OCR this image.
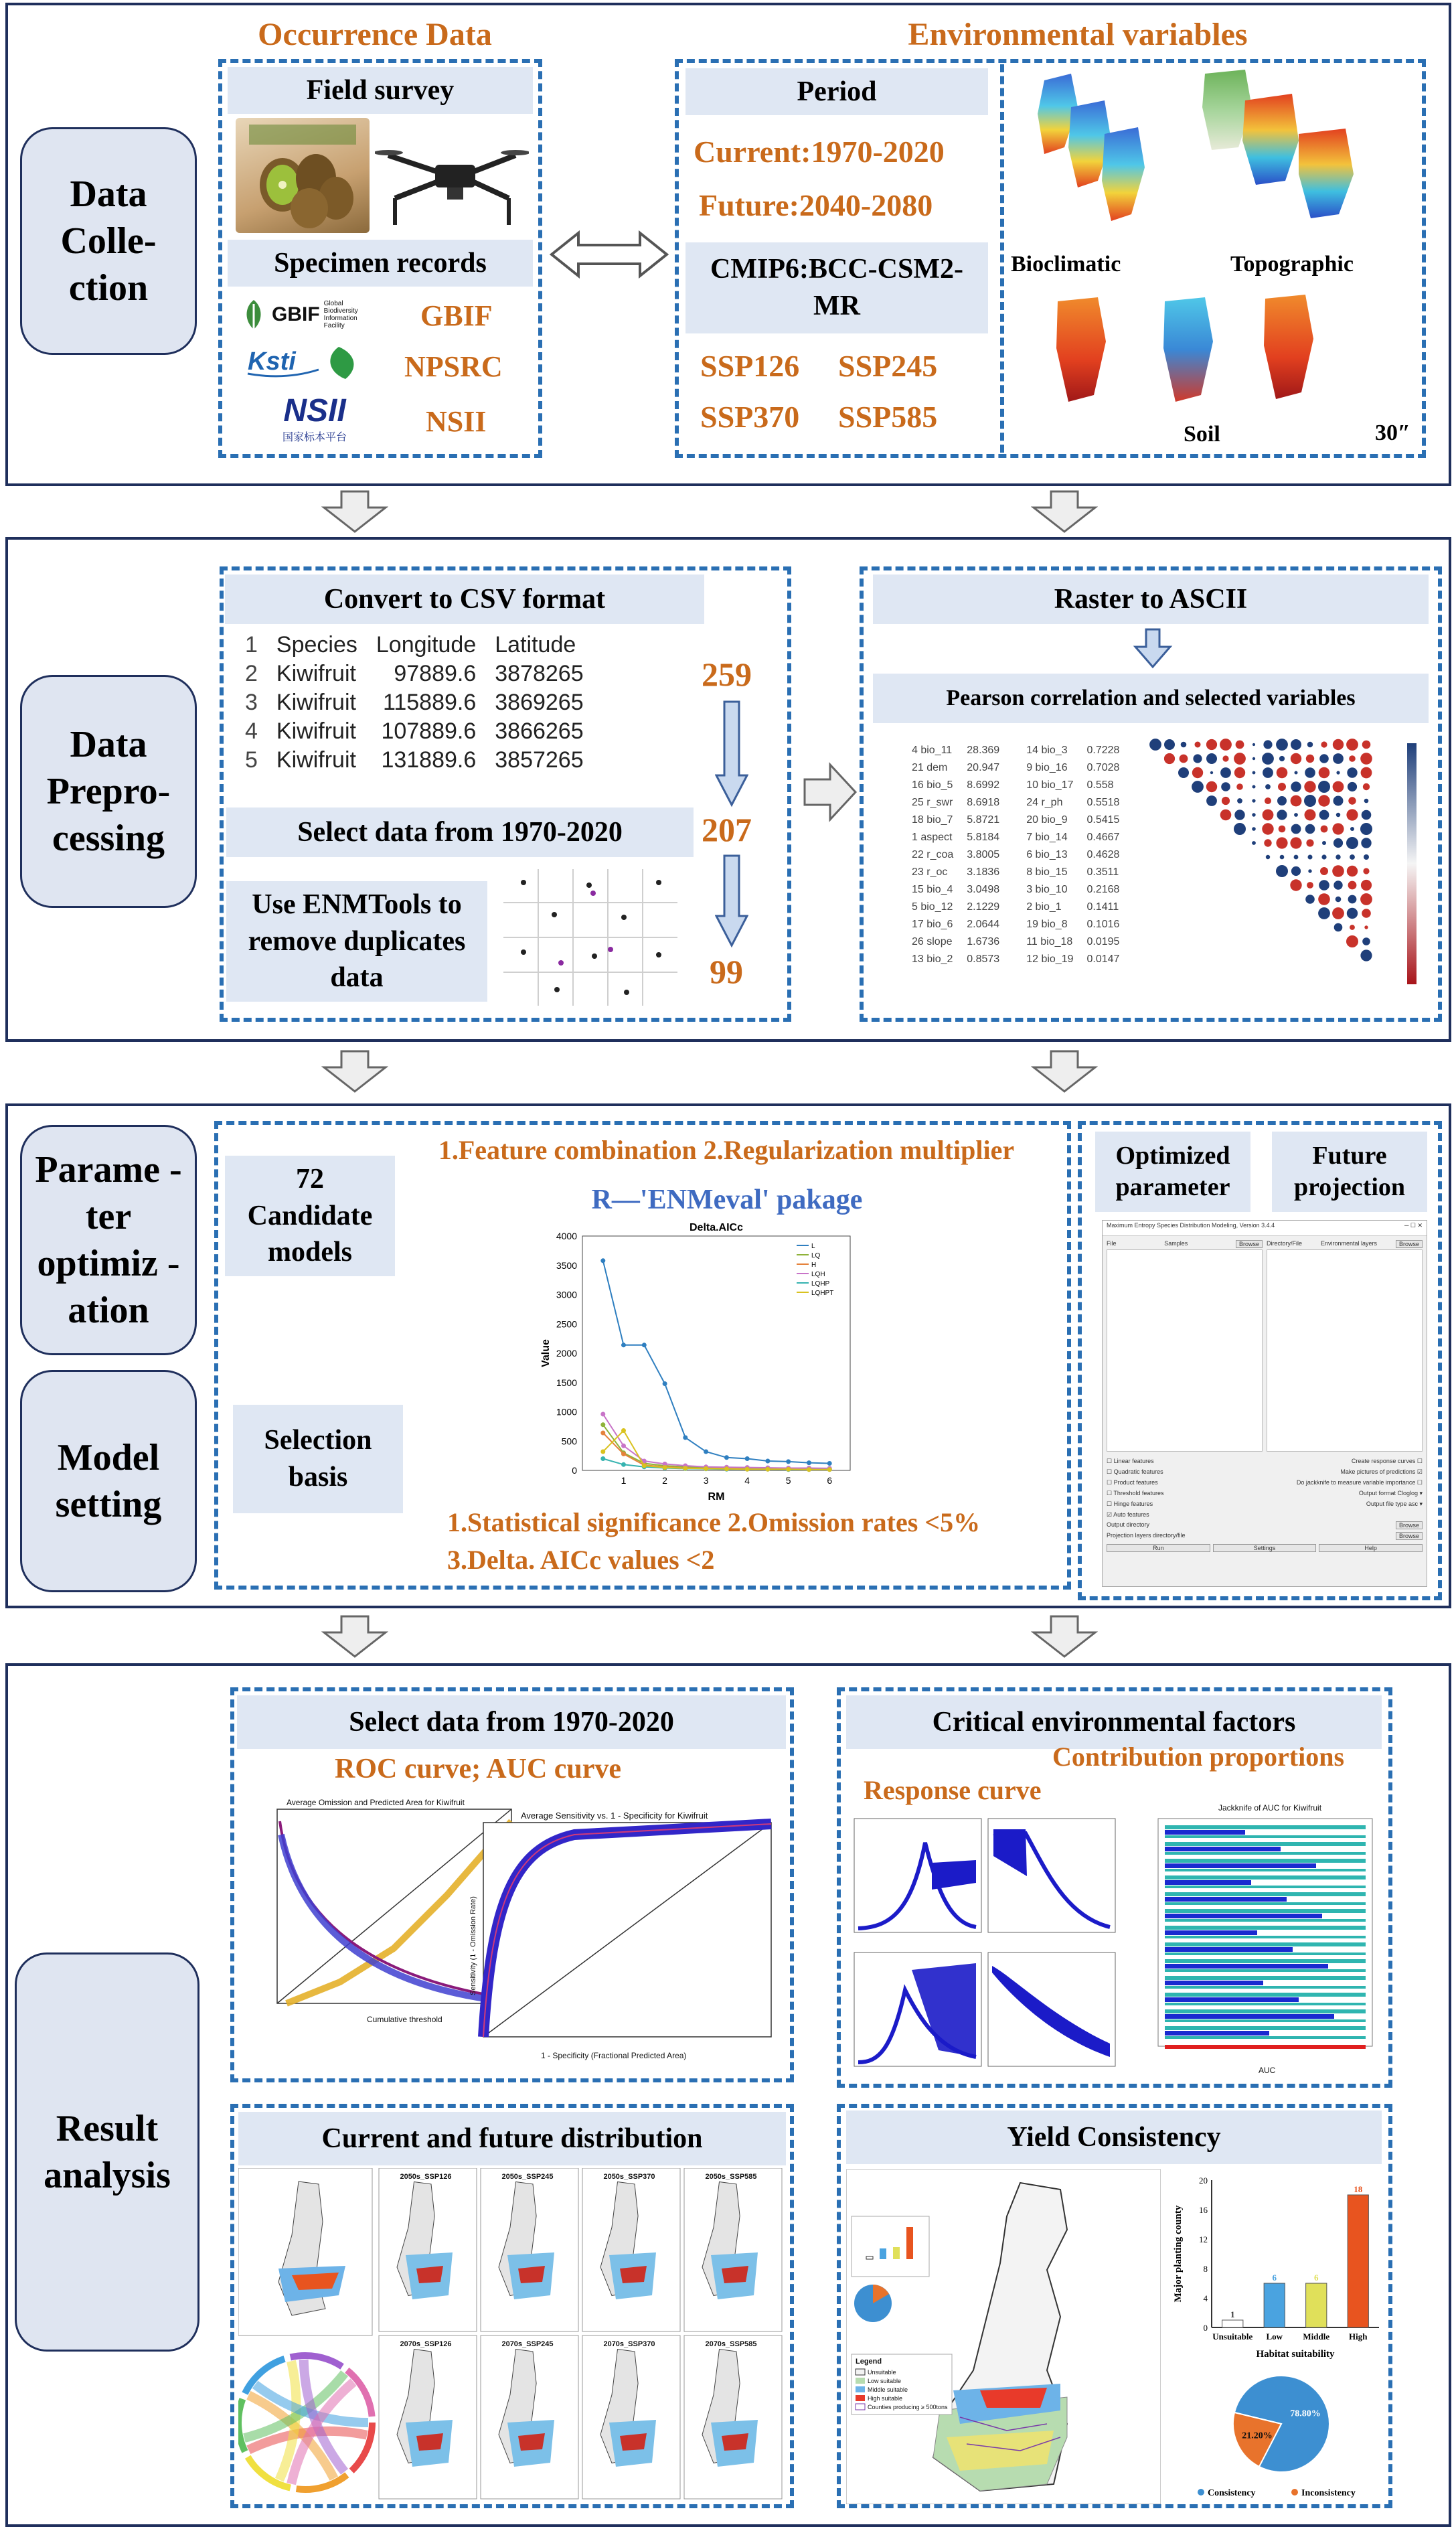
Data Colle-ction
Occurrence Data	Environmental variables
Field survey
Specimen records
GBIF Global Biodiversity Information Facility	GBIF
Ksti	NPSRC
NSII
国家标本平台	NSII
Period
Current:1970-2020
Future:2040-2080
CMIP6:BCC-CSM2-MR
SSP126 SSP245
SSP370 SSP585
Bioclimatic	Topographic
Soil	30″
Data Prepro-cessing
Convert to CSV format
1	Species	Longitude	Latitude
2	Kiwifruit	97889.6	3878265
3	Kiwifruit	115889.6	3869265
4	Kiwifruit	107889.6	3866265
5	Kiwifruit	131889.6	3857265
Select data from 1970-2020
Use ENMTools to remove duplicates data
259
207
99
Raster to ASCII
Pearson correlation and selected variables
4 bio_11	28.369	14 bio_3	0.7228
21 dem	20.947	9 bio_16	0.7028
16 bio_5	8.6992	10 bio_17	0.558
25 r_swr	8.6918	24 r_ph	0.5518
18 bio_7	5.8721	20 bio_9	0.5415
1 aspect	5.8184	7 bio_14	0.4667
22 r_coa	3.8005	6 bio_13	0.4628
23 r_oc	3.1836	8 bio_15	0.3511
15 bio_4	3.0498	3 bio_10	0.2168
5 bio_12	2.1229	2 bio_1	0.1411
17 bio_6	2.0644	19 bio_8	0.1016
26 slope	1.6736	11 bio_18	0.0195
13 bio_2	0.8573	12 bio_19	0.0147
Parame -ter optimiz -ation
Model setting
1.Feature combination 2.Regularization multiplier
R—'ENMeval' pakage
72 Candidate models
Selection basis
Delta.AICc
0
500
1000
1500
2000
2500
3000
3500
4000
1	2	3	4	5	6
RM
Value
L
LQ
H
LQH
LQHP
LQHPT
1.Statistical significance 2.Omission rates <5%
3.Delta. AICc values <2
Optimized parameter
Future projection
Maximum Entropy Species Distribution Modeling, Version 3.4.4	─ ☐ ✕
File	Samples	Browse	Directory/File	Environmental layers	Browse
☐ Linear features
☐ Quadratic features
☐ Product features
☐ Threshold features
☐ Hinge features
☑ Auto features
Create response curves ☐
Make pictures of predictions ☑
Do jackknife to measure variable importance ☐
Output format Cloglog ▾
Output file type asc ▾
Output directory	Browse
Projection layers directory/file	Browse
Run	Settings	Help
Result analysis
Select data from 1970-2020
ROC curve; AUC curve
Average Omission and Predicted Area for Kiwifruit
Cumulative threshold
Average Sensitivity vs. 1 - Specificity for Kiwifruit
1 - Specificity (Fractional Predicted Area)
Sensitivity (1 - Omission Rate)
Critical environmental factors
Contribution proportions
Response curve
Jackknife of AUC for Kiwifruit
AUC
Current and future distribution
2050s_SSP126	2050s_SSP245	2050s_SSP370	2050s_SSP585
2070s_SSP126	2070s_SSP245	2070s_SSP370	2070s_SSP585
Yield Consistency
Legend
Unsuitable
Low suitable
Middle suitable
High suitable
Counties producing ≥ 500tons
0
4
8
12
16
20
1
Unsuitable
6
Low
6
Middle
18
High
Habitat suitability
Major planting county
78.80%
21.20%
Consistency	Inconsistency
